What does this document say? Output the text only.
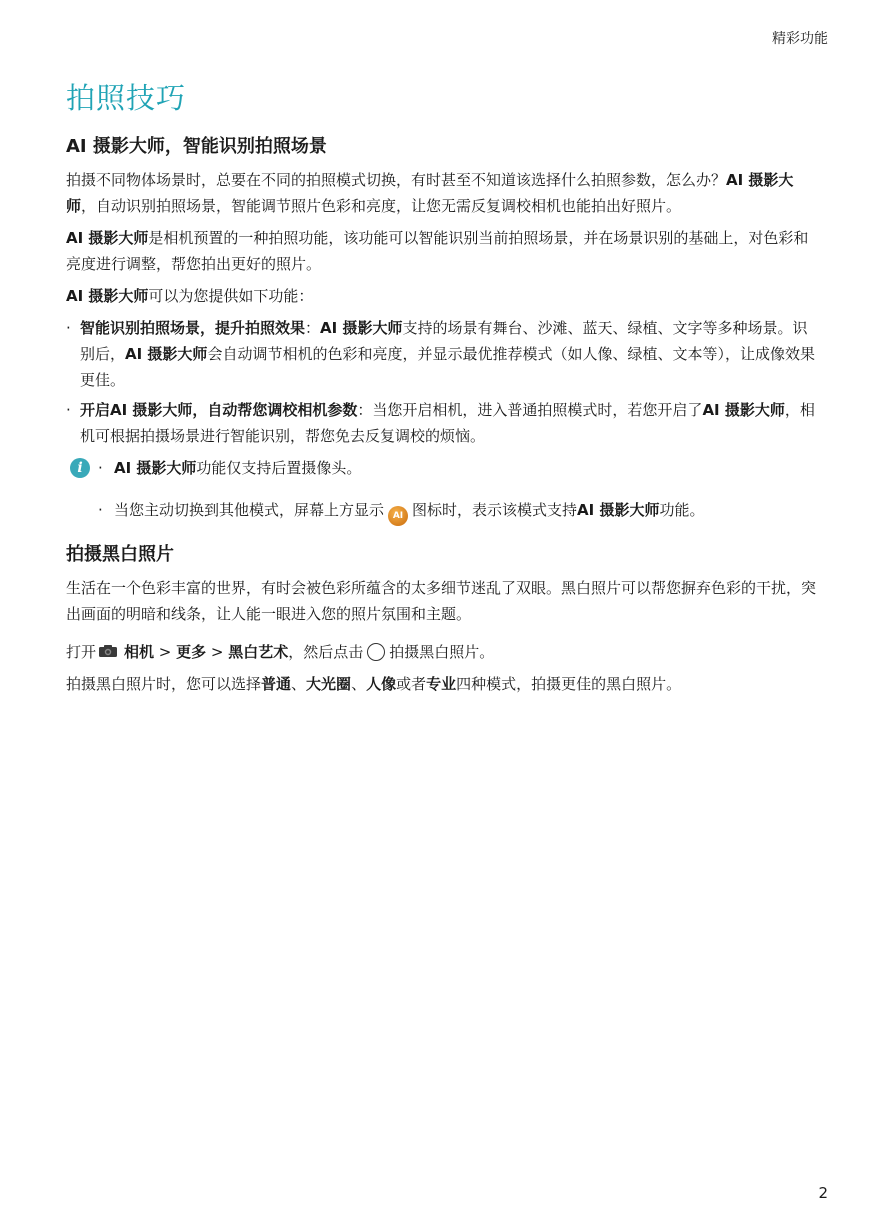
精彩功能
拍照技巧
AI 摄影大师，智能识别拍照场景

拍摄不同物体场景时，总要在不同的拍照模式切换，有时甚至不知道该选择什么拍照参数，怎么办？AI 摄影大师，自动识别拍照场景，智能调节照片色彩和亮度，让您无需反复调校相机也能拍出好照片。

AI 摄影大师是相机预置的一种拍照功能，该功能可以智能识别当前拍照场景，并在场景识别的基础上，对色彩和亮度进行调整，帮您拍出更好的照片。

AI 摄影大师可以为您提供如下功能：

· 智能识别拍照场景，提升拍照效果：AI 摄影大师支持的场景有舞台、沙滩、蓝天、绿植、文字等多种场景。识别后，AI 摄影大师会自动调节相机的色彩和亮度，并显示最优推荐模式（如人像、绿植、文本等），让成像效果更佳。
· 开启AI 摄影大师，自动帮您调校相机参数：当您开启相机，进入普通拍照模式时，若您开启了AI 摄影大师，相机可根据拍摄场景进行智能识别，帮您免去反复调校的烦恼。
i	· AI 摄影大师功能仅支持后置摄像头。
· 当您主动切换到其他模式，屏幕上方显示 AI 图标时，表示该模式支持AI 摄影大师功能。
拍摄黑白照片

生活在一个色彩丰富的世界，有时会被色彩所蕴含的太多细节迷乱了双眼。黑白照片可以帮您摒弃色彩的干扰，突出画面的明暗和线条，让人能一眼进入您的照片氛围和主题。

打开 相机 > 更多 > 黑白艺术，然后点击 拍摄黑白照片。

拍摄黑白照片时，您可以选择普通、大光圈、人像或者专业四种模式，拍摄更佳的黑白照片。

2
